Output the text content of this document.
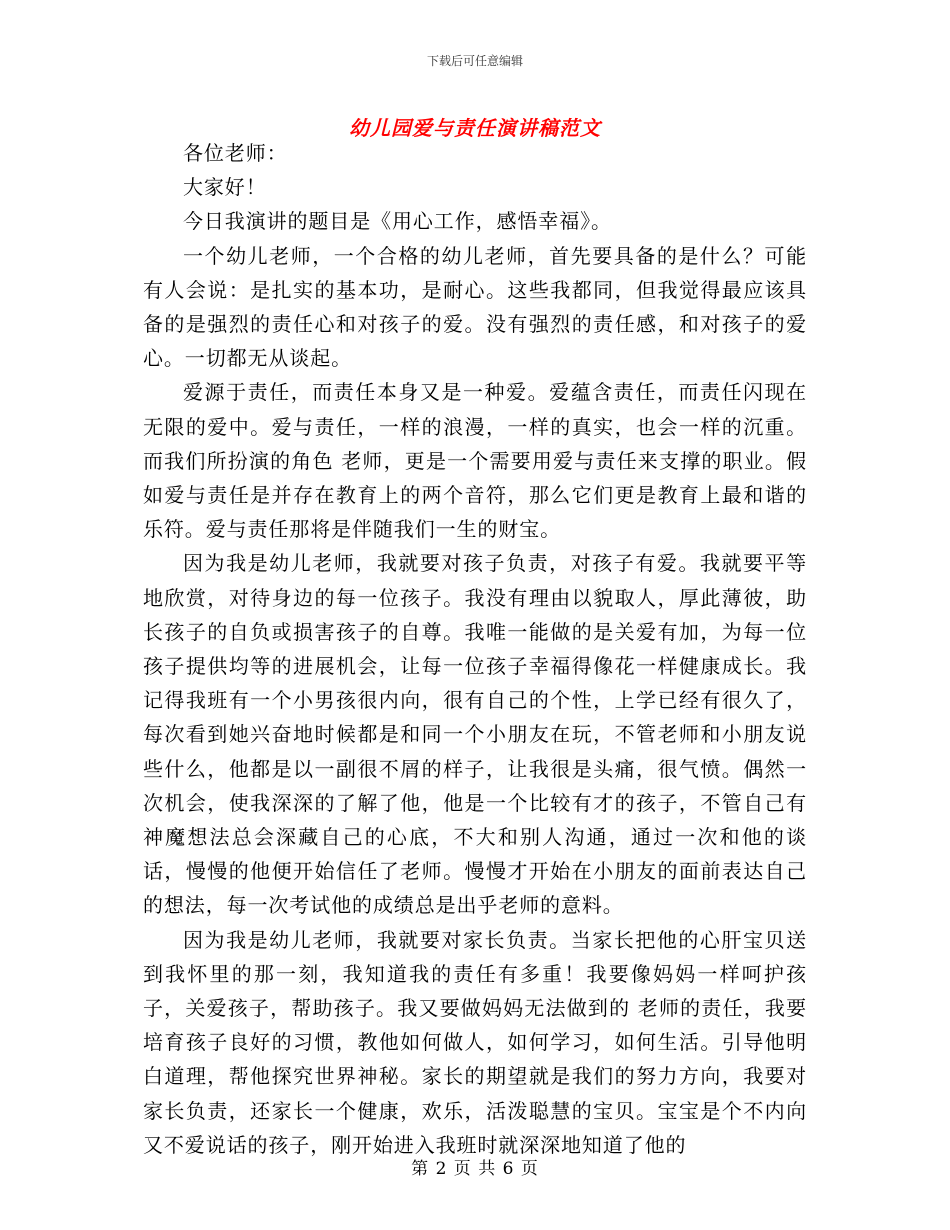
下载后可任意编辑
幼儿园爱与责任演讲稿范文

各位老师：

大家好！

今日我演讲的题目是《用心工作，感悟幸福》。

一个幼儿老师，一个合格的幼儿老师，首先要具备的是什么？可能有人会说：是扎实的基本功，是耐心。这些我都同，但我觉得最应该具备的是强烈的责任心和对孩子的爱。没有强烈的责任感，和对孩子的爱心。一切都无从谈起。

爱源于责任，而责任本身又是一种爱。爱蕴含责任，而责任闪现在无限的爱中。爱与责任，一样的浪漫，一样的真实，也会一样的沉重。而我们所扮演的角色 老师，更是一个需要用爱与责任来支撑的职业。假如爱与责任是并存在教育上的两个音符，那么它们更是教育上最和谐的乐符。爱与责任那将是伴随我们一生的财宝。

因为我是幼儿老师，我就要对孩子负责，对孩子有爱。我就要平等地欣赏，对待身边的每一位孩子。我没有理由以貌取人，厚此薄彼，助长孩子的自负或损害孩子的自尊。我唯一能做的是关爱有加，为每一位孩子提供均等的进展机会，让每一位孩子幸福得像花一样健康成长。我记得我班有一个小男孩很内向，很有自己的个性，上学已经有很久了，每次看到她兴奋地时候都是和同一个小朋友在玩，不管老师和小朋友说些什么，他都是以一副很不屑的样子，让我很是头痛，很气愤。偶然一次机会，使我深深的了解了他，他是一个比较有才的孩子，不管自己有神魔想法总会深藏自己的心底，不大和别人沟通，通过一次和他的谈话，慢慢的他便开始信任了老师。慢慢才开始在小朋友的面前表达自己的想法，每一次考试他的成绩总是出乎老师的意料。

因为我是幼儿老师，我就要对家长负责。当家长把他的心肝宝贝送到我怀里的那一刻，我知道我的责任有多重！我要像妈妈一样呵护孩子，关爱孩子，帮助孩子。我又要做妈妈无法做到的 老师的责任，我要培育孩子良好的习惯，教他如何做人，如何学习，如何生活。引导他明白道理，帮他探究世界神秘。家长的期望就是我们的努力方向，我要对家长负责，还家长一个健康，欢乐，活泼聪慧的宝贝。宝宝是个不内向又不爱说话的孩子，刚开始进入我班时就深深地知道了他的

第 2 页 共 6 页
